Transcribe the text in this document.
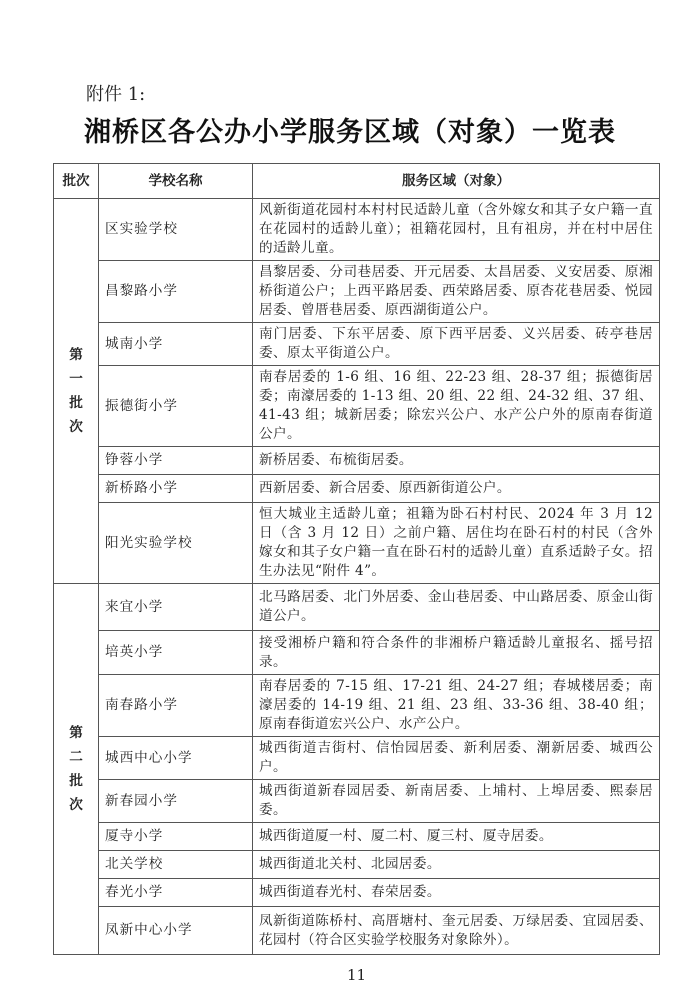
附件 1:
湘桥区各公办小学服务区域（对象）一览表
批次	学校名称	服务区域（对象）

第一批次	区实验学校	风新街道花园村本村村民适龄儿童（含外嫁女和其子女户籍一直在花园村的适龄儿童）；祖籍花园村，且有祖房，并在村中居住的适龄儿童。
	昌黎路小学	昌黎居委、分司巷居委、开元居委、太昌居委、义安居委、原湘桥街道公户；上西平路居委、西荣路居委、原杏花巷居委、悦园居委、曾厝巷居委、原西湖街道公户。
	城南小学	南门居委、下东平居委、原下西平居委、义兴居委、砖亭巷居委、原太平街道公户。
	振德街小学	南春居委的 1-6 组、16 组、22-23 组、28-37 组；振德街居委；南濠居委的 1-13 组、20 组、22 组、24-32 组、37 组、41-43 组；城新居委；除宏兴公户、水产公户外的原南春街道公户。
	铮蓉小学	新桥居委、布梳街居委。
	新桥路小学	西新居委、新合居委、原西新街道公户。
	阳光实验学校	恒大城业主适龄儿童；祖籍为卧石村村民、2024 年 3 月 12 日（含 3 月 12 日）之前户籍、居住均在卧石村的村民（含外嫁女和其子女户籍一直在卧石村的适龄儿童）直系适龄子女。招生办法见“附件 4”。

第二批次	来宜小学	北马路居委、北门外居委、金山巷居委、中山路居委、原金山街道公户。
	培英小学	接受湘桥户籍和符合条件的非湘桥户籍适龄儿童报名、摇号招录。
	南春路小学	南春居委的 7-15 组、17-21 组、24-27 组；春城楼居委；南濠居委的 14-19 组、21 组、23 组、33-36 组、38-40 组；原南春街道宏兴公户、水产公户。
	城西中心小学	城西街道吉街村、信怡园居委、新利居委、潮新居委、城西公户。
	新春园小学	城西街道新春园居委、新南居委、上埔村、上埠居委、熙泰居委。
	厦寺小学	城西街道厦一村、厦二村、厦三村、厦寺居委。
	北关学校	城西街道北关村、北园居委。
	春光小学	城西街道春光村、春荣居委。
	凤新中心小学	凤新街道陈桥村、高厝塘村、奎元居委、万绿居委、宜园居委、花园村（符合区实验学校服务对象除外）。
11
